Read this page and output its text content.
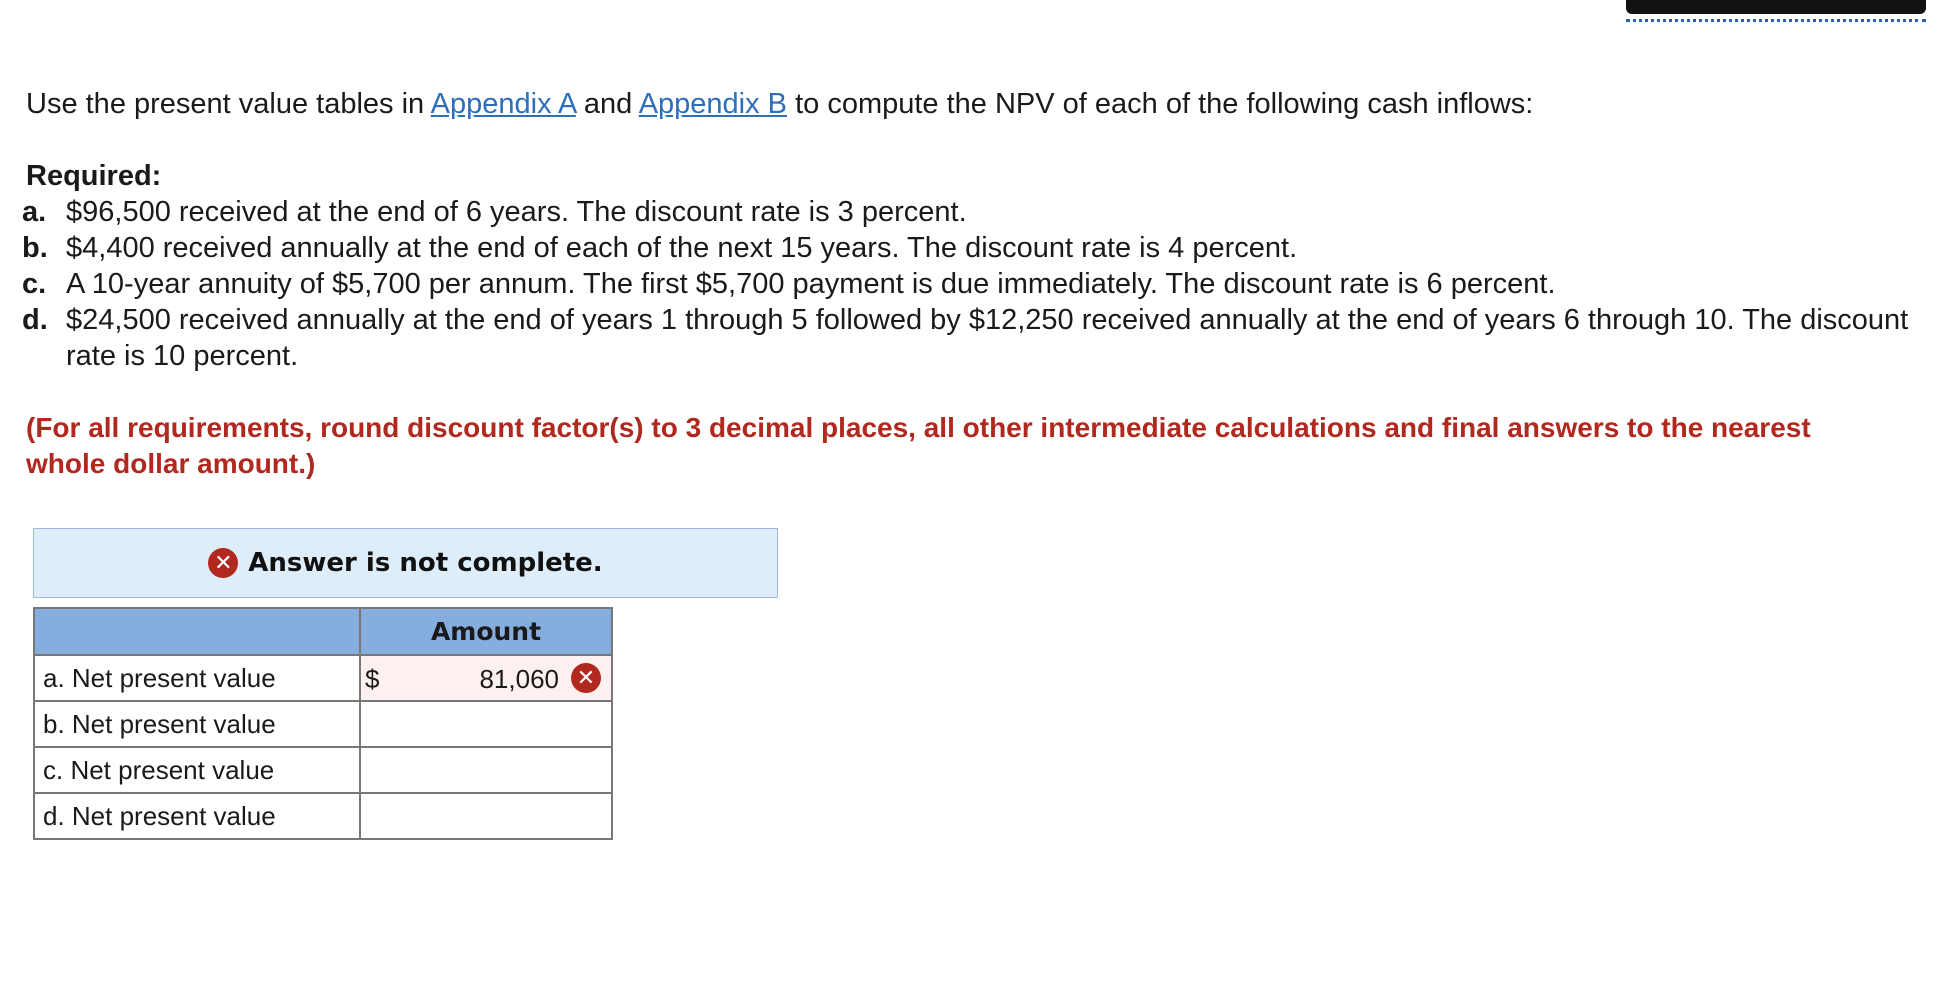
Use the present value tables in Appendix A and Appendix B to compute the NPV of each of the following cash inflows:
Required:
a. $96,500 received at the end of 6 years. The discount rate is 3 percent.
b. $4,400 received annually at the end of each of the next 15 years. The discount rate is 4 percent.
c. A 10-year annuity of $5,700 per annum. The first $5,700 payment is due immediately. The discount rate is 6 percent.
d. $24,500 received annually at the end of years 1 through 5 followed by $12,250 received annually at the end of years 6 through 10. The discount rate is 10 percent.
(For all requirements, round discount factor(s) to 3 decimal places, all other intermediate calculations and final answers to the nearest whole dollar amount.)
✕ Answer is not complete.
	Amount
a. Net present value	$ 81,060 ✕

b. Net present value	

c. Net present value	

d. Net present value	
